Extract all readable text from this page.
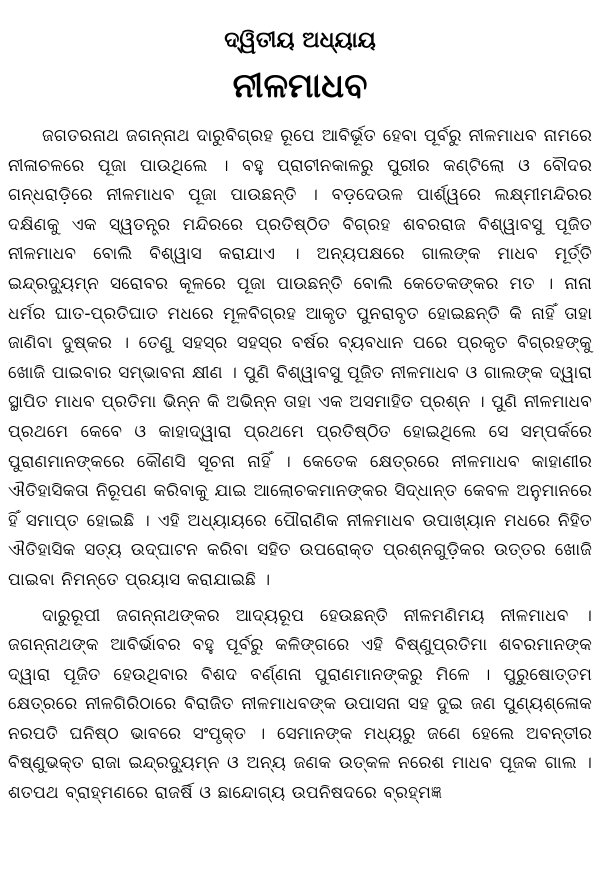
ଦ୍ୱିତୀୟ ଅଧ୍ୟାୟ
ନୀଳମାଧବ

ଜଗତରନାଥ ଜଗନ୍ନାଥ ଦାରୁବିଗ୍ରହ ରୂପେ ଆବିର୍ଭୂତ ହେବା ପୂର୍ବରୁ ନୀଳମାଧବ ନାମରେ ନୀଳାଚଳରେ ପୂଜା ପାଉଥିଲେ । ବହୁ ପ୍ରାଚୀନକାଳରୁ ପୁରୀର କଣ୍ଟିଲୋ ଓ ବୌଦର ଗନ୍ଧରାଡ଼ିରେ ନୀଳମାଧବ ପୂଜା ପାଉଛନ୍ତି । ବଡ଼ଦେଉଳ ପାର୍ଶ୍ୱରେ ଲକ୍ଷ୍ମୀମନ୍ଦିରର ଦକ୍ଷିଣକୁ ଏକ ସ୍ୱତନ୍ତ୍ର ମନ୍ଦିରରେ ପ୍ରତିଷ୍ଠିତ ବିଗ୍ରହ ଶବରରାଜ ବିଶ୍ୱାବସୁ ପୂଜିତ ନୀଳମାଧବ ବୋଲି ବିଶ୍ୱାସ କରାଯାଏ । ଅନ୍ୟପକ୍ଷରେ ଗାଲଙ୍କ ମାଧବ ମୂର୍ତ୍ତି ଇନ୍ଦ୍ରଦ୍ୟୁମ୍ନ ସରୋବର କୂଳରେ ପୂଜା ପାଉଛନ୍ତି ବୋଲି କେତେକଙ୍କର ମତ । ନାନା ଧର୍ମର ଘାତ-ପ୍ରତିଘାତ ମଧରେ ମୂଳବିଗ୍ରହ ଆକୃତ ପୁନରାବୃତ ହୋଇଛନ୍ତି କି ନାହିଁ ତାହା ଜାଣିବା ଦୁଷ୍କର । ତେଣୁ ସହସ୍ର ସହସ୍ର ବର୍ଷର ବ୍ୟବଧାନ ପରେ ପ୍ରକୃତ ବିଗ୍ରହଙ୍କୁ ଖୋଜି ପାଇବାର ସମ୍ଭାବନା କ୍ଷୀଣ । ପୁଣି ବିଶ୍ୱାବସୁ ପୂଜିତ ନୀଳମାଧବ ଓ ଗାଲଙ୍କ ଦ୍ୱାରା ସ୍ଥାପିତ ମାଧବ ପ୍ରତିମା ଭିନ୍ନ କି ଅଭିନ୍ନ ତାହା ଏକ ଅସମାହିତ ପ୍ରଶ୍ନ । ପୁଣି ନୀଳମାଧବ ପ୍ରଥମେ କେବେ ଓ କାହାଦ୍ୱାରା ପ୍ରଥମେ ପ୍ରତିଷ୍ଠିତ ହୋଇଥିଲେ ସେ ସମ୍ପର୍କରେ ପୁରାଣମାନଙ୍କରେ କୌଣସି ସୂଚନା ନାହିଁ । କେତେକ କ୍ଷେତ୍ରରେ ନୀଳମାଧବ କାହାଣୀର ଐତିହାସିକତା ନିରୂପଣ କରିବାକୁ ଯାଇ ଆଲୋଚକମାନଙ୍କର ସିଦ୍ଧାନ୍ତ କେବଳ ଅନୁମାନରେ ହିଁ ସମାପ୍ତ ହୋଇଛି । ଏହି ଅଧ୍ୟାୟରେ ପୌରାଣିକ ନୀଳମାଧବ ଉପାଖ୍ୟାନ ମଧରେ ନିହିତ ଐତିହାସିକ ସତ୍ୟ ଉଦ୍‌ଘାଟନ କରିବା ସହିତ ଉପରୋକ୍ତ ପ୍ରଶ୍ନଗୁଡ଼ିକର ଉତ୍ତର ଖୋଜି ପାଇବା ନିମନ୍ତେ ପ୍ରୟାସ କରାଯାଇଛି ।

ଦାରୁରୂପୀ ଜଗନ୍ନାଥଙ୍କର ଆଦ୍ୟରୂପ ହେଉଛନ୍ତି ନୀଳମଣିମୟ ନୀଳମାଧବ । ଜଗନ୍ନାଥଙ୍କ ଆବିର୍ଭାବର ବହୁ ପୂର୍ବରୁ କଳିଙ୍ଗରେ ଏହି ବିଷ୍ଣୁପ୍ରତିମା ଶବରମାନଙ୍କ ଦ୍ୱାରା ପୂଜିତ ହେଉଥିବାର ବିଶଦ ବର୍ଣ୍ଣନା ପୁରାଣମାନଙ୍କରୁ ମିଳେ । ପୁରୁଷୋତ୍ତମ କ୍ଷେତ୍ରରେ ନୀଳଗିରିଠାରେ ବିରାଜିତ ନୀଳମାଧବଙ୍କ ଉପାସନା ସହ ଦୁଇ ଜଣ ପୁଣ୍ୟଶ୍ଳୋକ ନରପତି ଘନିଷ୍ଠ ଭାବରେ ସଂପୃକ୍ତ । ସେମାନଙ୍କ ମଧ୍ୟରୁ ଜଣେ ହେଲେ ଅବନ୍ତୀର ବିଷ୍ଣୁଭକ୍ତ ରାଜା ଇନ୍ଦ୍ରଦ୍ୟୁମ୍ନ ଓ ଅନ୍ୟ ଜଣକ ଉତ୍କଳ ନରେଶ ମାଧବ ପୂଜକ ଗାଲ । ଶତପଥ ବ୍ରାହ୍ମଣରେ ରାଜର୍ଷି ଓ ଛାନ୍ଦୋଗ୍ୟ ଉପନିଷଦରେ ବ୍ରହ୍ମଜ୍ଞ
